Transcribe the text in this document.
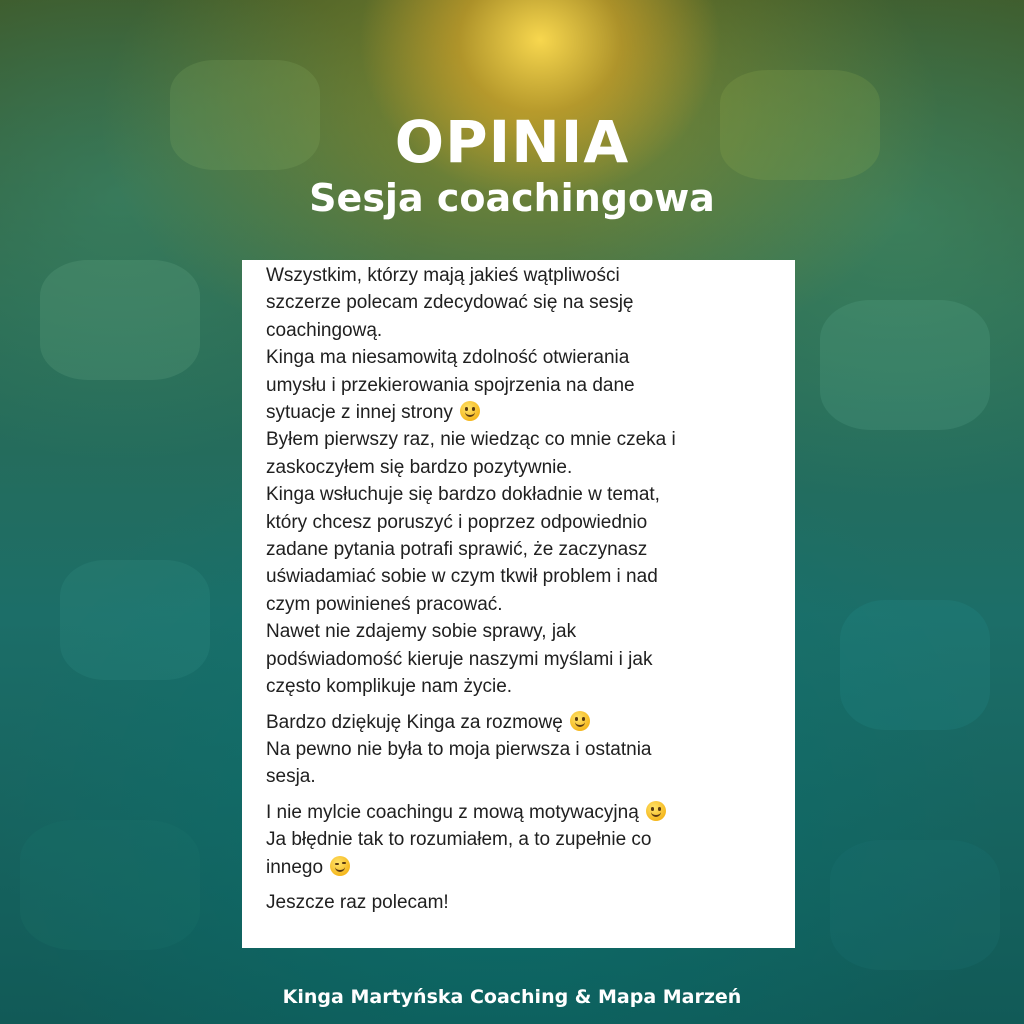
OPINIA
Sesja coachingowa

Wszystkim, którzy mają jakieś wątpliwości
szczerze polecam zdecydować się na sesję
coachingową.
Kinga ma niesamowitą zdolność otwierania
umysłu i przekierowania spojrzenia na dane
sytuacje z innej strony
Byłem pierwszy raz, nie wiedząc co mnie czeka i
zaskoczyłem się bardzo pozytywnie.
Kinga wsłuchuje się bardzo dokładnie w temat,
który chcesz poruszyć i poprzez odpowiednio
zadane pytania potrafi sprawić, że zaczynasz
uświadamiać sobie w czym tkwił problem i nad
czym powinieneś pracować.
Nawet nie zdajemy sobie sprawy, jak
podświadomość kieruje naszymi myślami i jak
często komplikuje nam życie.

Bardzo dziękuję Kinga za rozmowę
Na pewno nie była to moja pierwsza i ostatnia
sesja.

I nie mylcie coachingu z mową motywacyjną
Ja błędnie tak to rozumiałem, a to zupełnie co
innego

Jeszcze raz polecam!

Kinga Martyńska Coaching & Mapa Marzeń
